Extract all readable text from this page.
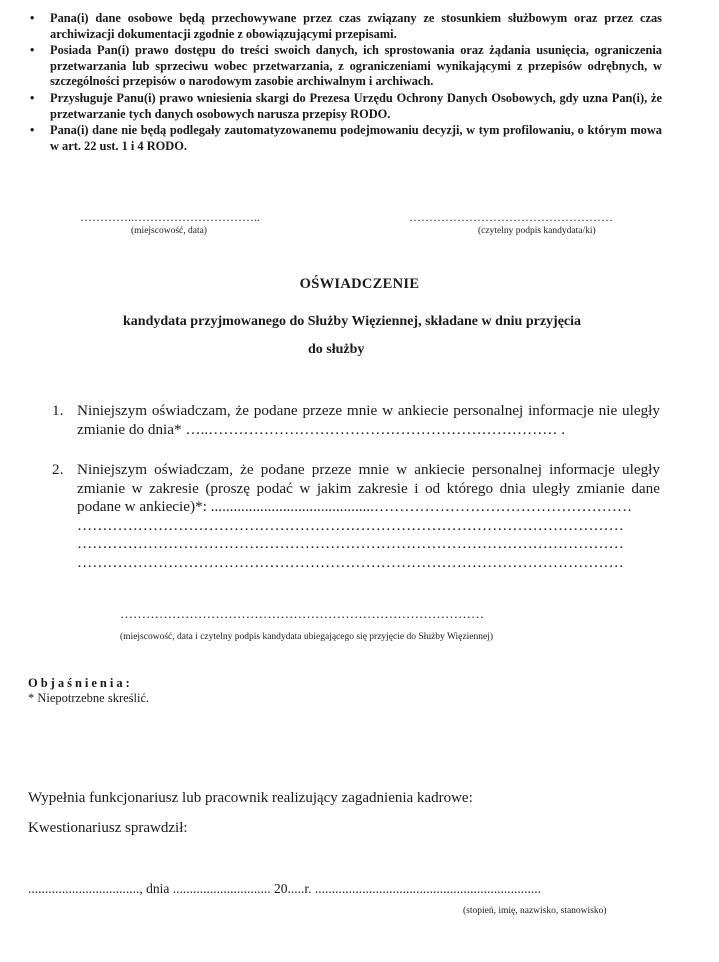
• Pana(i) dane osobowe będą przechowywane przez czas związany ze stosunkiem służbowym oraz przez czas archiwizacji dokumentacji zgodnie z obowiązującymi przepisami.
• Posiada Pan(i) prawo dostępu do treści swoich danych, ich sprostowania oraz żądania usunięcia, ograniczenia przetwarzania lub sprzeciwu wobec przetwarzania, z ograniczeniami wynikającymi z przepisów odrębnych, w szczególności przepisów o narodowym zasobie archiwalnym i archiwach.
• Przysługuje Panu(i) prawo wniesienia skargi do Prezesa Urzędu Ochrony Danych Osobowych, gdy uzna Pan(i), że przetwarzanie tych danych osobowych narusza przepisy RODO.
• Pana(i) dane nie będą podlegały zautomatyzowanemu podejmowaniu decyzji, w tym profilowaniu, o którym mowa w art. 22 ust. 1 i 4 RODO.
…………..…………………………..
(miejscowość, data)
……………………………………………
(czytelny podpis kandydata/ki)
OŚWIADCZENIE
kandydata przyjmowanego do Służby Więziennej, składane w dniu przyjęcia
do służby
1. Niniejszym oświadczam, że podane przeze mnie w ankiecie personalnej informacje nie uległy zmianie do dnia* …..…………………………………………………………… .
2. Niniejszym oświadczam, że podane przeze mnie w ankiecie personalnej informacje uległy zmianie w zakresie (proszę podać w jakim zakresie i od którego dnia uległy zmianie dane podane w ankiecie)*: ...........................................……………………………………………
………………………………………………………………………………………………
………………………………………………………………………………………………
………………………………………………………………………………………………
…………………………………………………………………………
(miejscowość, data i czytelny podpis kandydata ubiegającego się przyjęcie do Służby Więziennej)
Objaśnienia:
* Niepotrzebne skreślić.
Wypełnia funkcjonariusz lub pracownik realizujący zagadnienia kadrowe:
Kwestionariusz sprawdził:
................................., dnia ............................. 20.....r. ...................................................................
(stopień, imię, nazwisko, stanowisko)
